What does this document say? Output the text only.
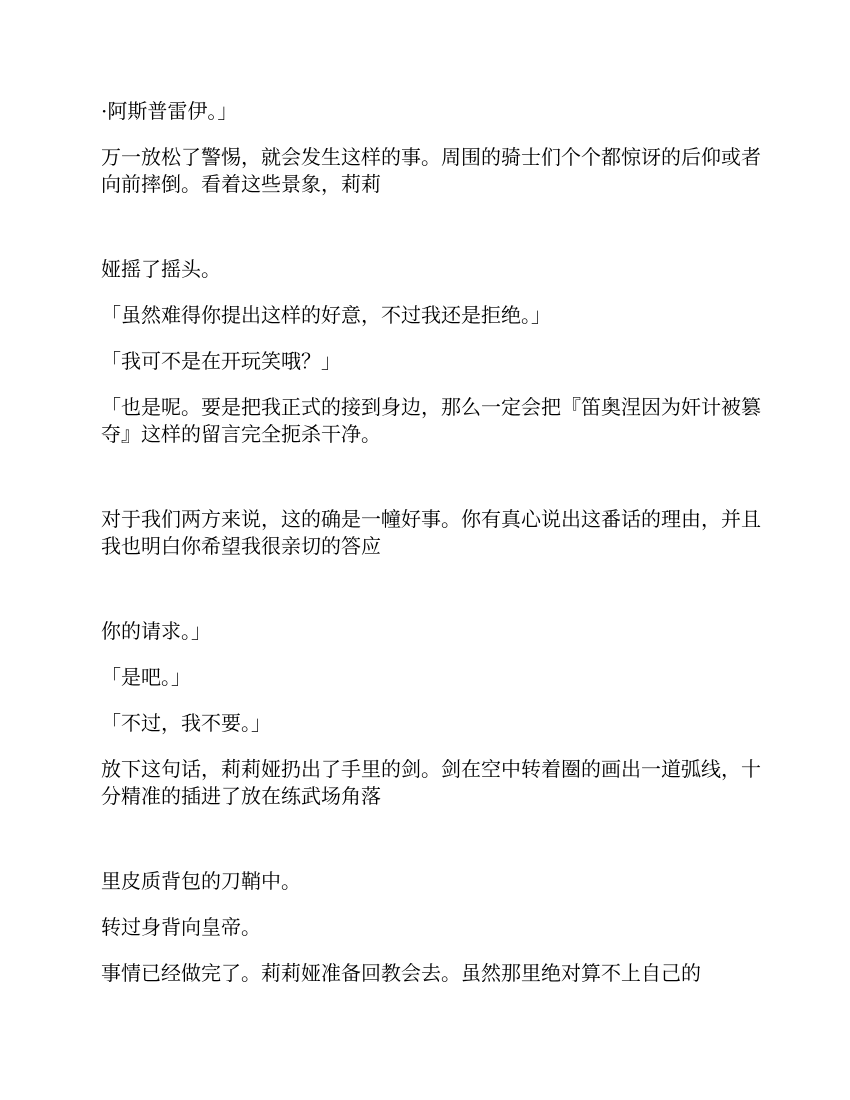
·阿斯普雷伊。」

万一放松了警惕，就会发生这样的事。周围的骑士们个个都惊讶的后仰或者向前摔倒。看着这些景象，莉莉

娅摇了摇头。

「虽然难得你提出这样的好意，不过我还是拒绝。」

「我可不是在开玩笑哦？」

「也是呢。要是把我正式的接到身边，那么一定会把『笛奥涅因为奸计被篡夺』这样的留言完全扼杀干净。

对于我们两方来说，这的确是一幢好事。你有真心说出这番话的理由，并且我也明白你希望我很亲切的答应

你的请求。」

「是吧。」

「不过，我不要。」

放下这句话，莉莉娅扔出了手里的剑。剑在空中转着圈的画出一道弧线，十分精准的插进了放在练武场角落

里皮质背包的刀鞘中。

转过身背向皇帝。

事情已经做完了。莉莉娅准备回教会去。虽然那里绝对算不上自己的
